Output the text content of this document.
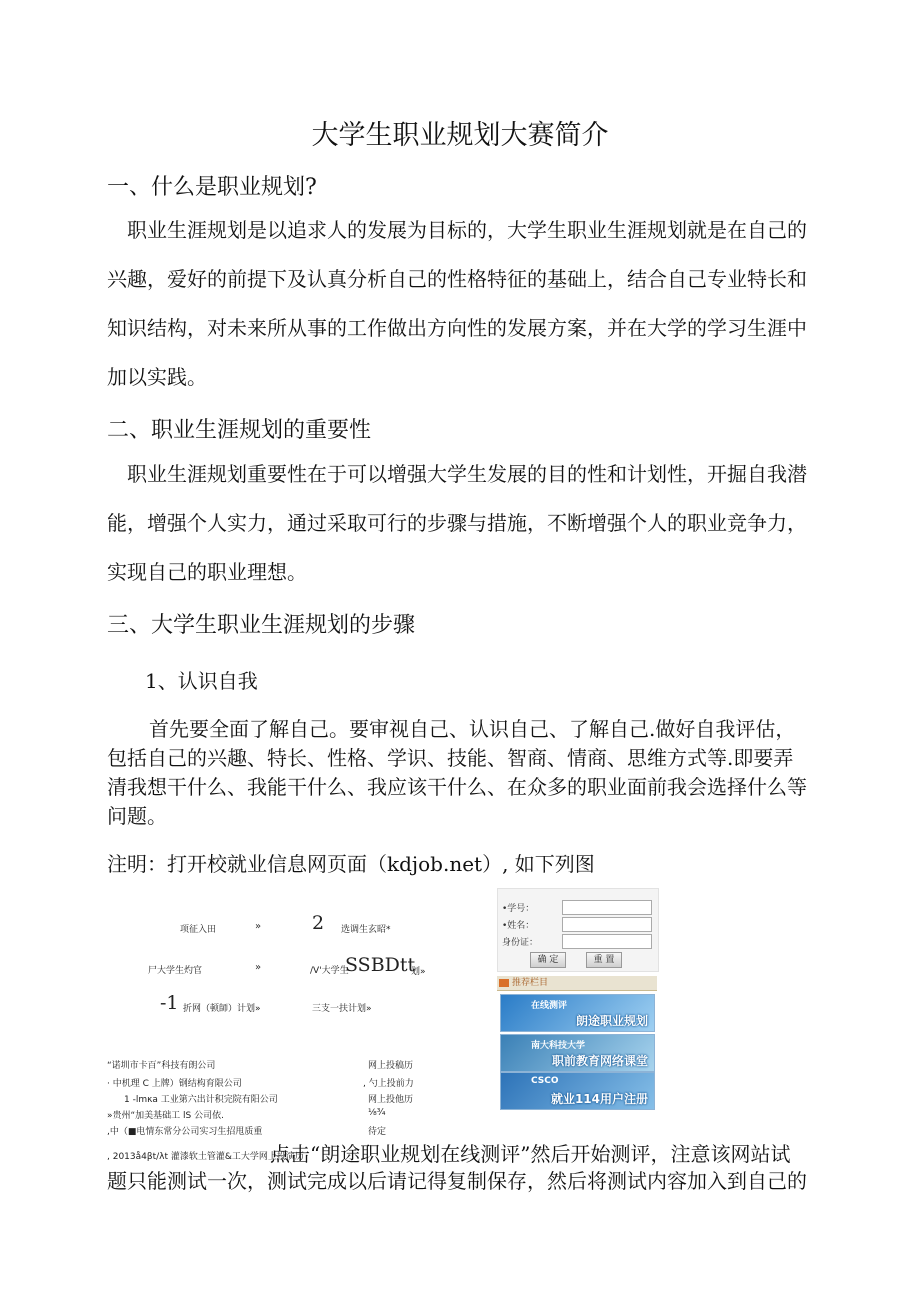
大学生职业规划大赛简介
一、什么是职业规划?
职业生涯规划是以追求人的发展为目标的，大学生职业生涯规划就是在自己的
兴趣，爱好的前提下及认真分析自己的性格特征的基础上，结合自己专业特长和
知识结构，对未来所从事的工作做出方向性的发展方案，并在大学的学习生涯中
加以实践。
二、职业生涯规划的重要性
职业生涯规划重要性在于可以增强大学生发展的目的性和计划性，开掘自我潜
能，增强个人实力，通过采取可行的步骤与措施，不断增强个人的职业竞争力，
实现自己的职业理想。
三、大学生职业生涯规划的步骤
1、认识自我
首先要全面了解自己。要审视自己、认识自己、了解自己.做好自我评估，
包括自己的兴趣、特长、性格、学识、技能、智商、情商、思维方式等.即要弄
清我想干什么、我能干什么、我应该干什么、在众多的职业面前我会选择什么等
问题。
注明：打开校就业信息网页面（kdjob.net）, 如下列图
项征入田	»	2 选调生玄昭*
尸大学生灼官	»	/V'大学生
SSBDtt
划»
-1 折网（顿師）计划»	三支一扶计划»
“诺圳市卡百”科技有朗公司	网上投稿历
· 中机理 C 上牌）钢结构育限公司	, 勺上投前力
1 -lmκa 工业第六出计积完院有阳公司	网上投他历
»贵州“加美基础工 lS 公司依.	⅛¾
,中（■电情东常分公司实习生招甩质重	待定
, 2013å4βt/λt 灌漆软土管灌&工大学网上投演历
•学号：
•姓名：
身份证：
确 定	重 置
推荐栏目
在线测评
朗途职业规划
南大科技大学
职前教育网络课堂
CSCO
就业114用户注册
点击“朗途职业规划在线测评”然后开始测评，注意该网站试
题只能测试一次，测试完成以后请记得复制保存，然后将测试内容加入到自己的
